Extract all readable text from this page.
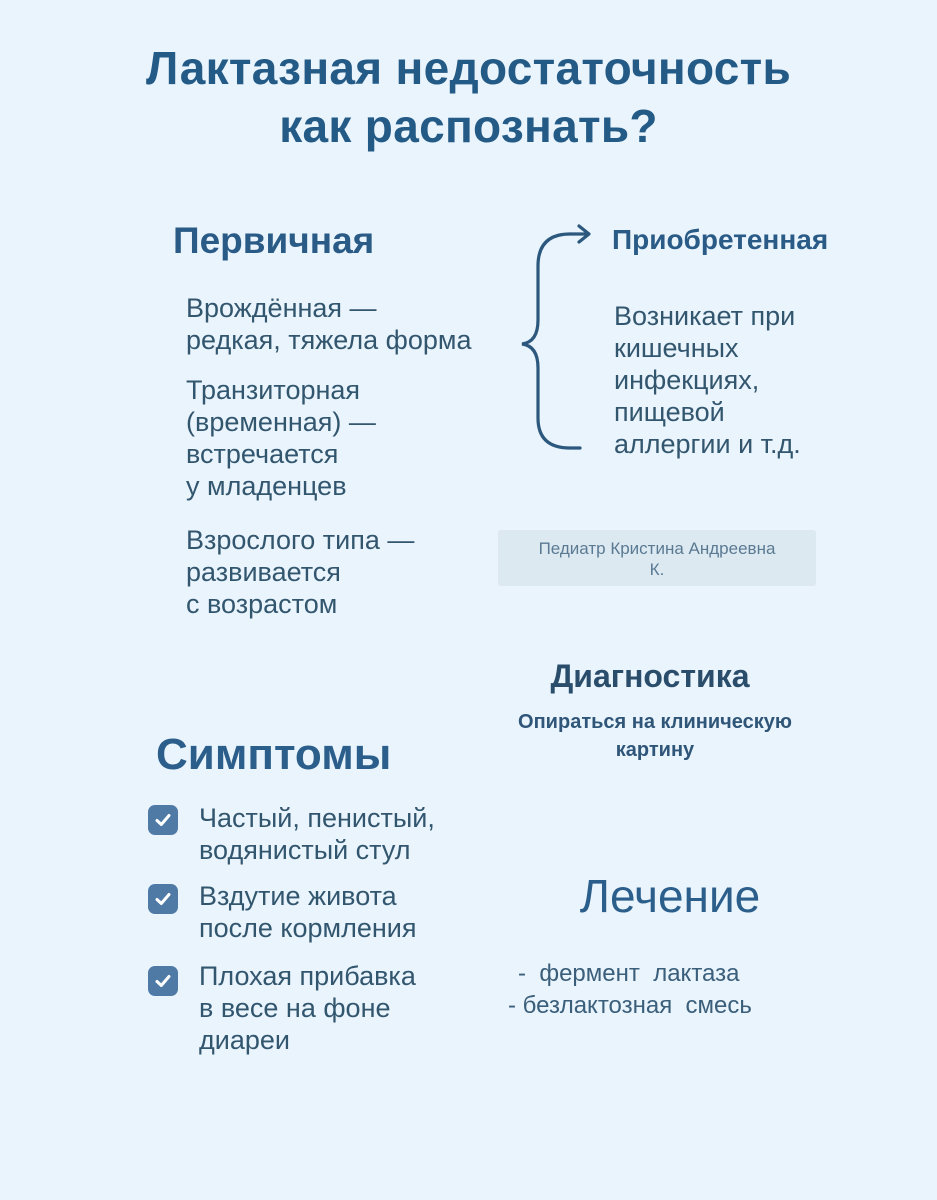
Лактазная недостаточность
как распознать?
Первичная
Врождённая —
редкая, тяжела форма
Транзиторная
(временная) —
встречается
у младенцев
Взрослого типа —
развивается
с возрастом
Приобретенная
Возникает при
кишечных
инфекциях,
пищевой
аллергии и т.д.
Педиатр Кристина Андреевна
К.
Диагностика
Опираться на клиническую
картину
Симптомы
Частый, пенистый,
водянистый стул
Вздутие живота
после кормления
Плохая прибавка
в весе на фоне
диареи
Лечение
-  фермент  лактаза
- безлактозная  смесь
